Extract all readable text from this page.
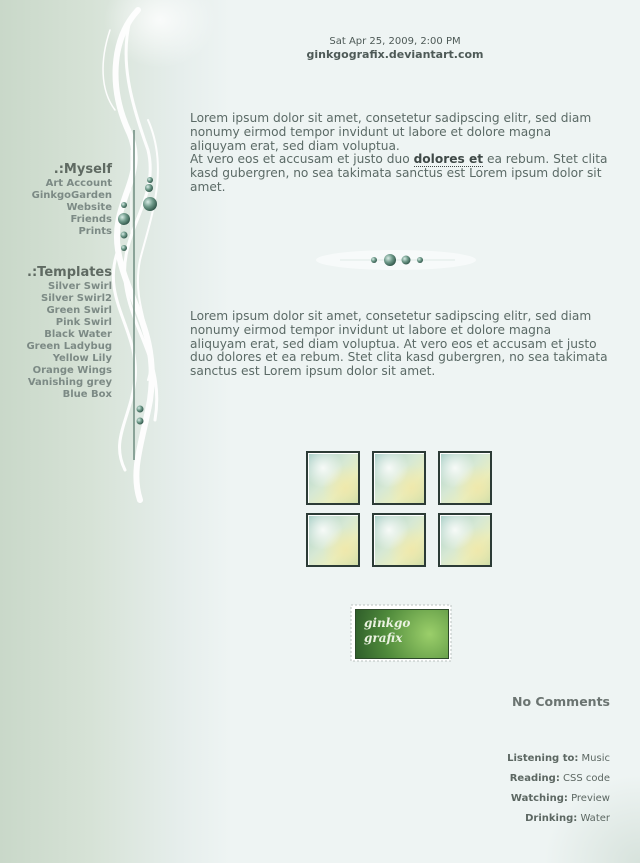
Sat Apr 25, 2009, 2:00 PM
ginkgografix.deviantart.com

Lorem ipsum dolor sit amet, consetetur sadipscing elitr, sed diam nonumy eirmod tempor invidunt ut labore et dolore magna aliquyam erat, sed diam voluptua.
At vero eos et accusam et justo duo dolores et ea rebum. Stet clita kasd gubergren, no sea takimata sanctus est Lorem ipsum dolor sit amet.

Lorem ipsum dolor sit amet, consetetur sadipscing elitr, sed diam nonumy eirmod tempor invidunt ut labore et dolore magna aliquyam erat, sed diam voluptua. At vero eos et accusam et justo duo dolores et ea rebum. Stet clita kasd gubergren, no sea takimata sanctus est Lorem ipsum dolor sit amet.

.:Myself
Art Account
GinkgoGarden
Website
Friends
Prints
.:Templates
Silver Swirl
Silver Swirl2
Green Swirl
Pink Swirl
Black Water
Green Ladybug
Yellow Lily
Orange Wings
Vanishing grey
Blue Box
ginkgo
grafix
No Comments
Listening to: Music
Reading: CSS code
Watching: Preview
Drinking: Water
